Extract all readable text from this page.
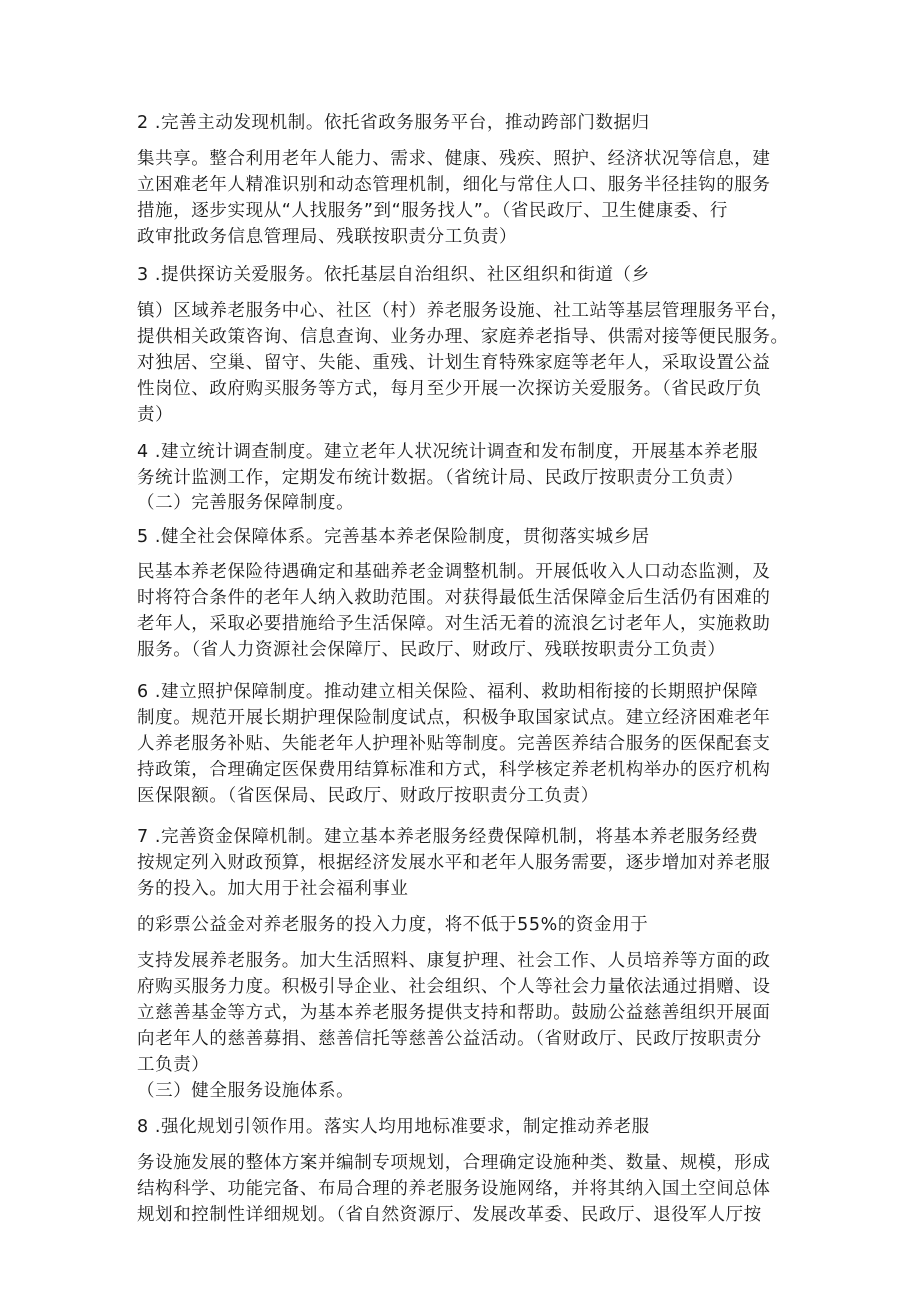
2 .完善主动发现机制。依托省政务服务平台，推动跨部门数据归

集共享。整合利用老年人能力、需求、健康、残疾、照护、经济状况等信息，建

立困难老年人精准识别和动态管理机制，细化与常住人口、服务半径挂钩的服务

措施，逐步实现从“人找服务”到“服务找人”。（省民政厅、卫生健康委、行

政审批政务信息管理局、残联按职责分工负责）

3 .提供探访关爱服务。依托基层自治组织、社区组织和街道（乡

镇）区域养老服务中心、社区（村）养老服务设施、社工站等基层管理服务平台，

提供相关政策咨询、信息查询、业务办理、家庭养老指导、供需对接等便民服务。

对独居、空巢、留守、失能、重残、计划生育特殊家庭等老年人，采取设置公益

性岗位、政府购买服务等方式，每月至少开展一次探访关爱服务。（省民政厅负

责）

4 .建立统计调查制度。建立老年人状况统计调查和发布制度，开展基本养老服

务统计监测工作，定期发布统计数据。（省统计局、民政厅按职责分工负责）

（二）完善服务保障制度。

5 .健全社会保障体系。完善基本养老保险制度，贯彻落实城乡居

民基本养老保险待遇确定和基础养老金调整机制。开展低收入人口动态监测，及

时将符合条件的老年人纳入救助范围。对获得最低生活保障金后生活仍有困难的

老年人，采取必要措施给予生活保障。对生活无着的流浪乞讨老年人，实施救助

服务。（省人力资源社会保障厅、民政厅、财政厅、残联按职责分工负责）

6 .建立照护保障制度。推动建立相关保险、福利、救助相衔接的长期照护保障

制度。规范开展长期护理保险制度试点，积极争取国家试点。建立经济困难老年

人养老服务补贴、失能老年人护理补贴等制度。完善医养结合服务的医保配套支

持政策，合理确定医保费用结算标准和方式，科学核定养老机构举办的医疗机构

医保限额。（省医保局、民政厅、财政厅按职责分工负责）

7 .完善资金保障机制。建立基本养老服务经费保障机制，将基本养老服务经费

按规定列入财政预算，根据经济发展水平和老年人服务需要，逐步增加对养老服

务的投入。加大用于社会福利事业

的彩票公益金对养老服务的投入力度，将不低于55%的资金用于

支持发展养老服务。加大生活照料、康复护理、社会工作、人员培养等方面的政

府购买服务力度。积极引导企业、社会组织、个人等社会力量依法通过捐赠、设

立慈善基金等方式，为基本养老服务提供支持和帮助。鼓励公益慈善组织开展面

向老年人的慈善募捐、慈善信托等慈善公益活动。（省财政厅、民政厅按职责分

工负责）

（三）健全服务设施体系。

8 .强化规划引领作用。落实人均用地标准要求，制定推动养老服

务设施发展的整体方案并编制专项规划，合理确定设施种类、数量、规模，形成

结构科学、功能完备、布局合理的养老服务设施网络，并将其纳入国土空间总体

规划和控制性详细规划。（省自然资源厅、发展改革委、民政厅、退役军人厅按
